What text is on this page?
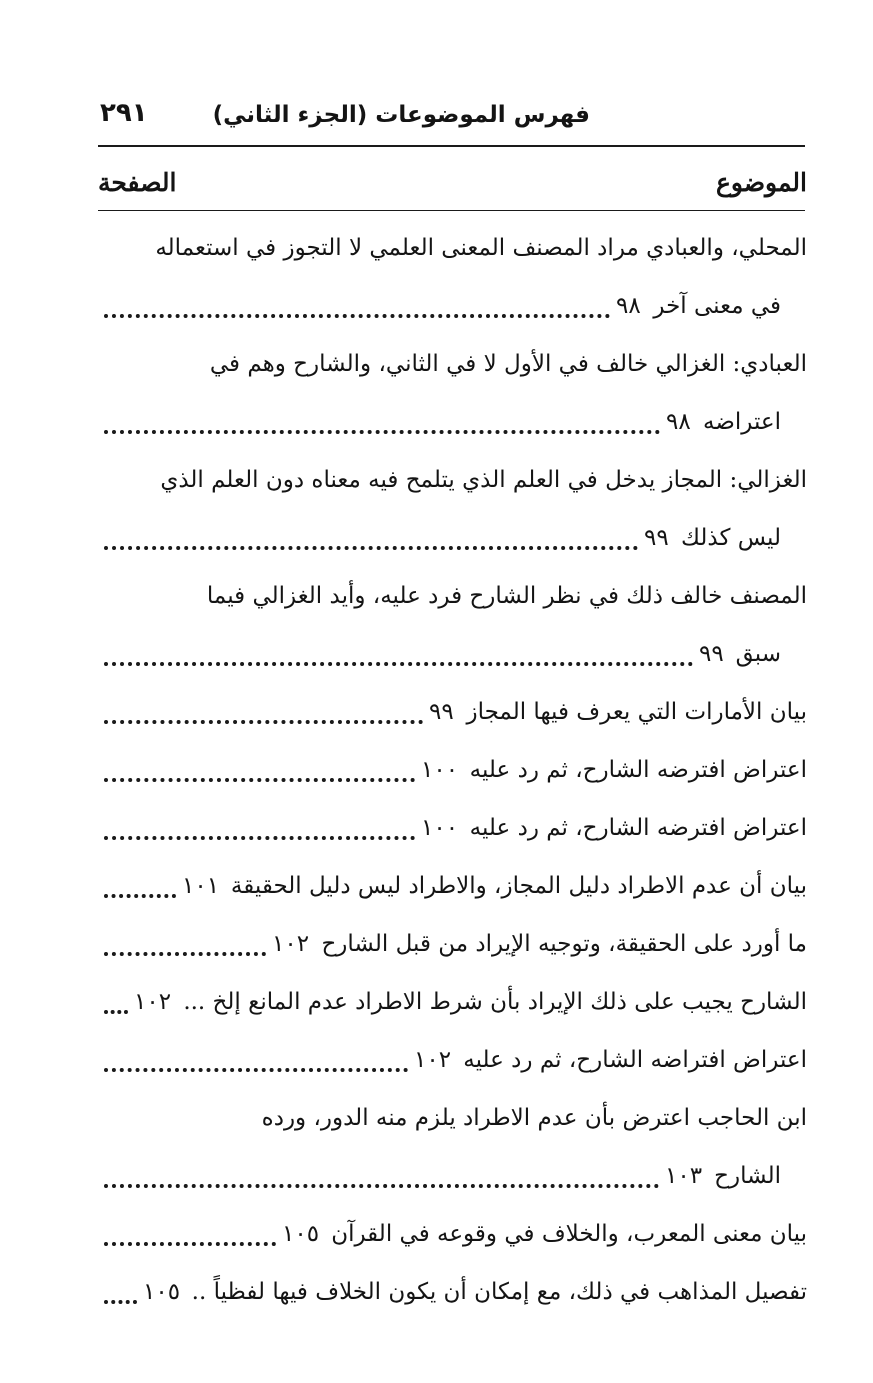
فهرس الموضوعات (الجزء الثاني)
٢٩١
الموضوع
الصفحة
المحلي، والعبادي مراد المصنف المعنى العلمي لا التجوز في استعماله
في معنى آخر
٩٨
العبادي: الغزالي خالف في الأول لا في الثاني، والشارح وهم في
اعتراضه
٩٨
الغزالي: المجاز يدخل في العلم الذي يتلمح فيه معناه دون العلم الذي
ليس كذلك
٩٩
المصنف خالف ذلك في نظر الشارح فرد عليه، وأيد الغزالي فيما
سبق
٩٩
بيان الأمارات التي يعرف فيها المجاز
٩٩
اعتراض افترضه الشارح، ثم رد عليه
١٠٠
اعتراض افترضه الشارح، ثم رد عليه
١٠٠
بيان أن عدم الاطراد دليل المجاز، والاطراد ليس دليل الحقيقة
١٠١
ما أورد على الحقيقة، وتوجيه الإيراد من قبل الشارح
١٠٢
الشارح يجيب على ذلك الإيراد بأن شرط الاطراد عدم المانع إلخ ...
١٠٢
اعتراض افتراضه الشارح، ثم رد عليه
١٠٢
ابن الحاجب اعترض بأن عدم الاطراد يلزم منه الدور، ورده
الشارح
١٠٣
بيان معنى المعرب، والخلاف في وقوعه في القرآن
١٠٥
تفصيل المذاهب في ذلك، مع إمكان أن يكون الخلاف فيها لفظياً ..
١٠٥
